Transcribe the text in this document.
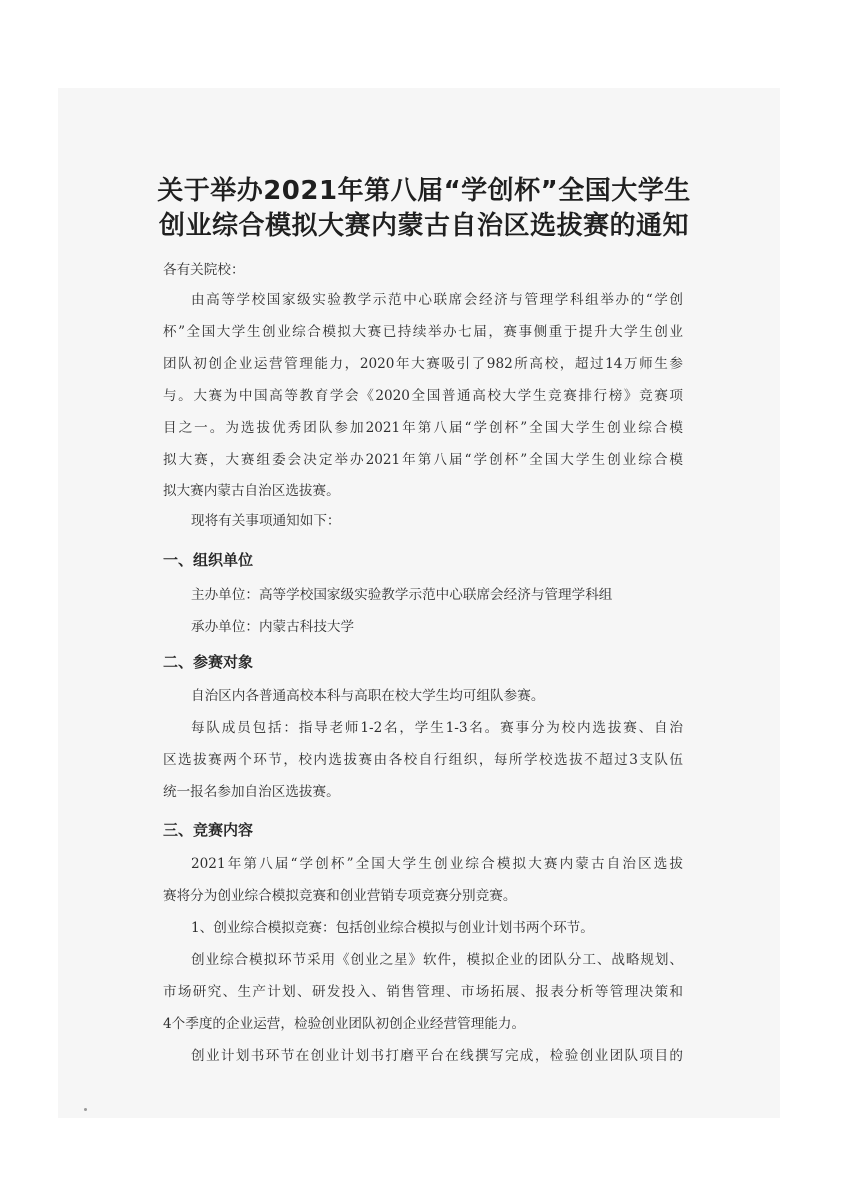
关于举办2021年第八届“学创杯”全国大学生
创业综合模拟大赛内蒙古自治区选拔赛的通知
各有关院校：
由高等学校国家级实验教学示范中心联席会经济与管理学科组举办的“学创
杯”全国大学生创业综合模拟大赛已持续举办七届，赛事侧重于提升大学生创业
团队初创企业运营管理能力，2020年大赛吸引了982所高校，超过14万师生参
与。大赛为中国高等教育学会《2020全国普通高校大学生竞赛排行榜》竞赛项
目之一。为选拔优秀团队参加2021年第八届“学创杯”全国大学生创业综合模
拟大赛，大赛组委会决定举办2021年第八届“学创杯”全国大学生创业综合模
拟大赛内蒙古自治区选拔赛。
现将有关事项通知如下：
一、组织单位
主办单位：高等学校国家级实验教学示范中心联席会经济与管理学科组
承办单位：内蒙古科技大学
二、参赛对象
自治区内各普通高校本科与高职在校大学生均可组队参赛。
每队成员包括：指导老师1-2名，学生1-3名。赛事分为校内选拔赛、自治
区选拔赛两个环节，校内选拔赛由各校自行组织，每所学校选拔不超过3支队伍
统一报名参加自治区选拔赛。
三、竞赛内容
2021年第八届“学创杯”全国大学生创业综合模拟大赛内蒙古自治区选拔
赛将分为创业综合模拟竞赛和创业营销专项竞赛分别竞赛。
1、创业综合模拟竞赛：包括创业综合模拟与创业计划书两个环节。
创业综合模拟环节采用《创业之星》软件，模拟企业的团队分工、战略规划、
市场研究、生产计划、研发投入、销售管理、市场拓展、报表分析等管理决策和
4个季度的企业运营，检验创业团队初创企业经营管理能力。
创业计划书环节在创业计划书打磨平台在线撰写完成，检验创业团队项目的
